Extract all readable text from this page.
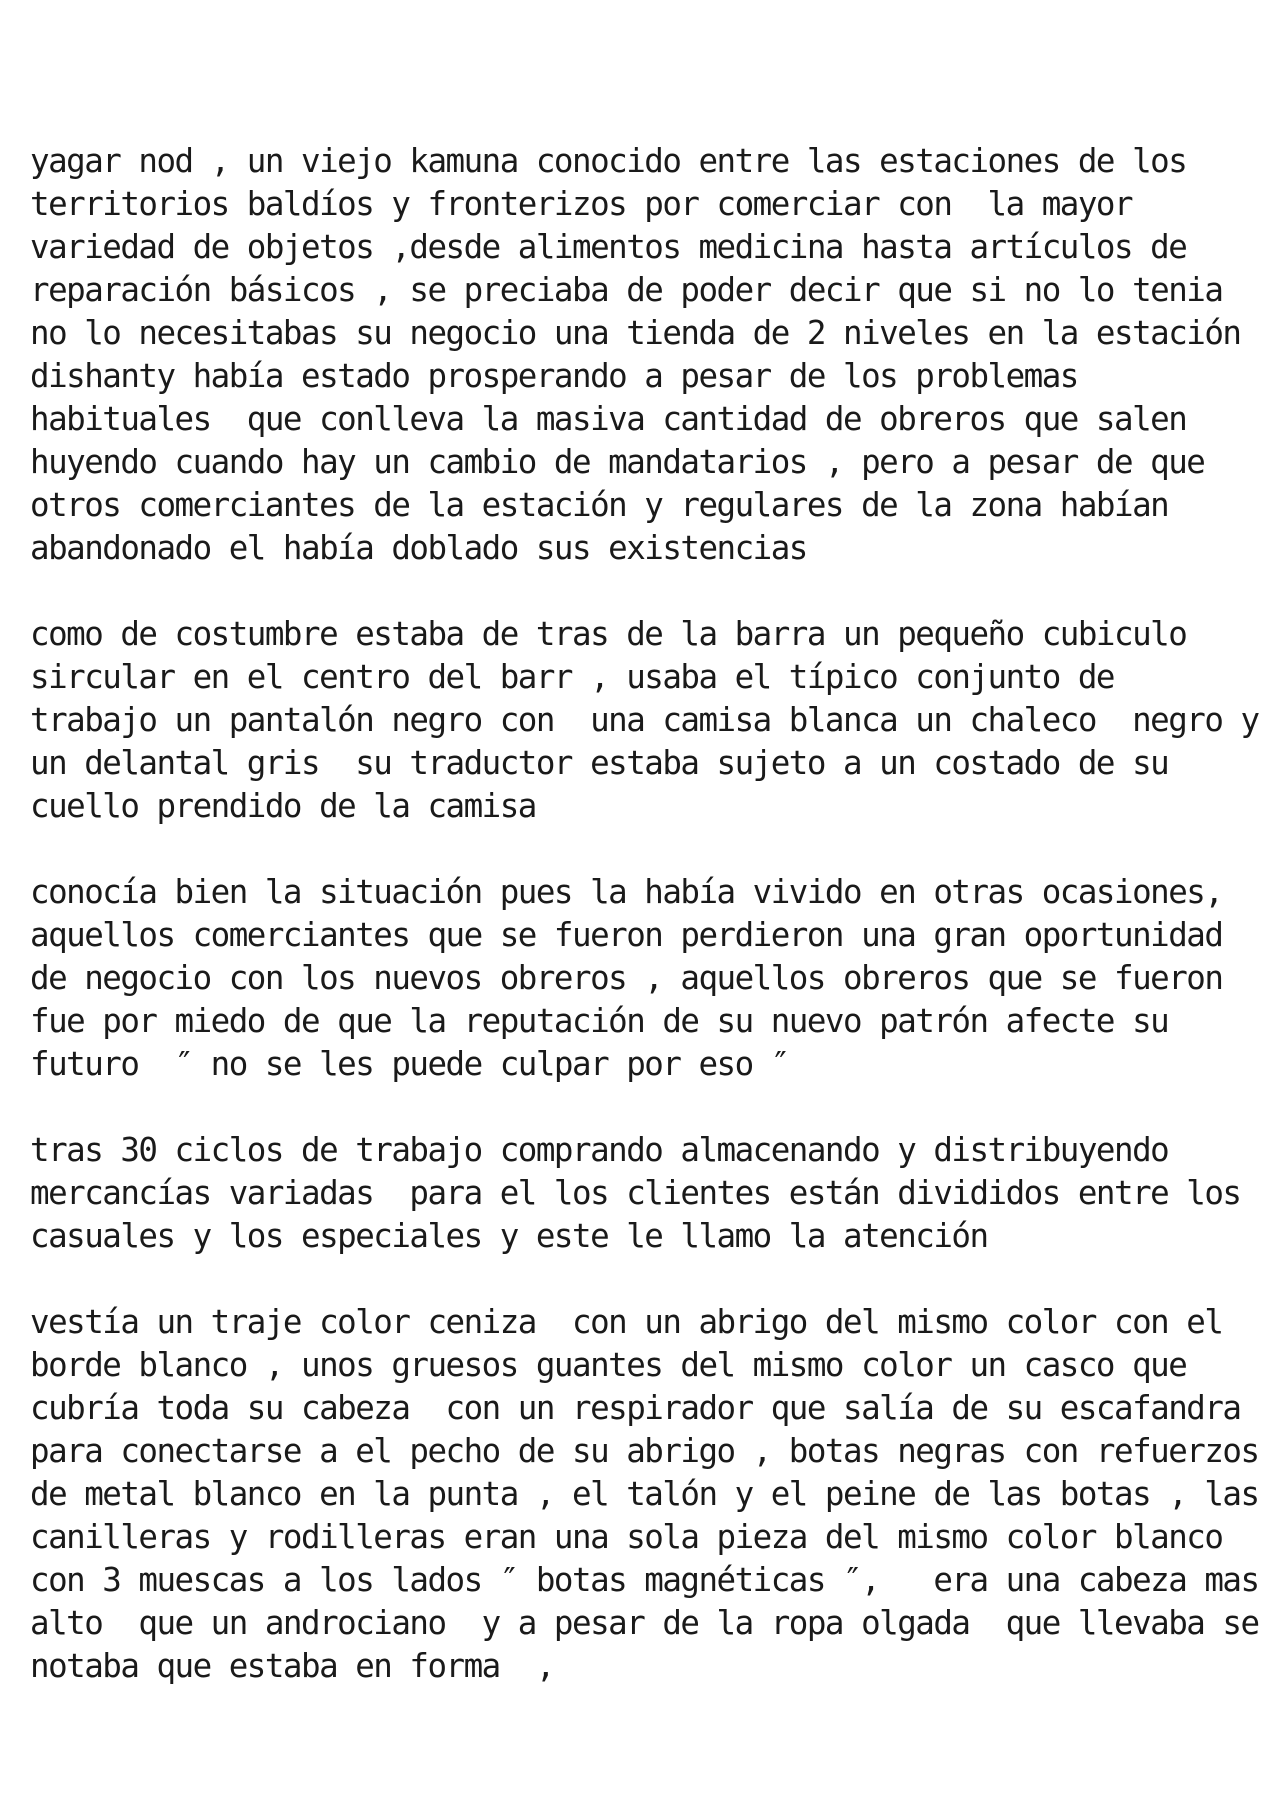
yagar nod , un viejo kamuna conocido entre las estaciones de los
territorios baldíos y fronterizos por comerciar con  la mayor
variedad de objetos ,desde alimentos medicina hasta artículos de
reparación básicos , se preciaba de poder decir que si no lo tenia
no lo necesitabas su negocio una tienda de 2 niveles en la estación
dishanty había estado prosperando a pesar de los problemas
habituales  que conlleva la masiva cantidad de obreros que salen
huyendo cuando hay un cambio de mandatarios , pero a pesar de que
otros comerciantes de la estación y regulares de la zona habían
abandonado el había doblado sus existencias

como de costumbre estaba de tras de la barra un pequeño cubiculo
sircular en el centro del barr , usaba el típico conjunto de
trabajo un pantalón negro con  una camisa blanca un chaleco  negro y
un delantal gris  su traductor estaba sujeto a un costado de su
cuello prendido de la camisa

conocía bien la situación pues la había vivido en otras ocasiones,
aquellos comerciantes que se fueron perdieron una gran oportunidad
de negocio con los nuevos obreros , aquellos obreros que se fueron
fue por miedo de que la reputación de su nuevo patrón afecte su
futuro  ″ no se les puede culpar por eso ″

tras 30 ciclos de trabajo comprando almacenando y distribuyendo
mercancías variadas  para el los clientes están divididos entre los
casuales y los especiales y este le llamo la atención

vestía un traje color ceniza  con un abrigo del mismo color con el
borde blanco , unos gruesos guantes del mismo color un casco que
cubría toda su cabeza  con un respirador que salía de su escafandra
para conectarse a el pecho de su abrigo , botas negras con refuerzos
de metal blanco en la punta , el talón y el peine de las botas , las
canilleras y rodilleras eran una sola pieza del mismo color blanco
con 3 muescas a los lados ″ botas magnéticas ″,   era una cabeza mas
alto  que un androciano  y a pesar de la ropa olgada  que llevaba se
notaba que estaba en forma  ,
